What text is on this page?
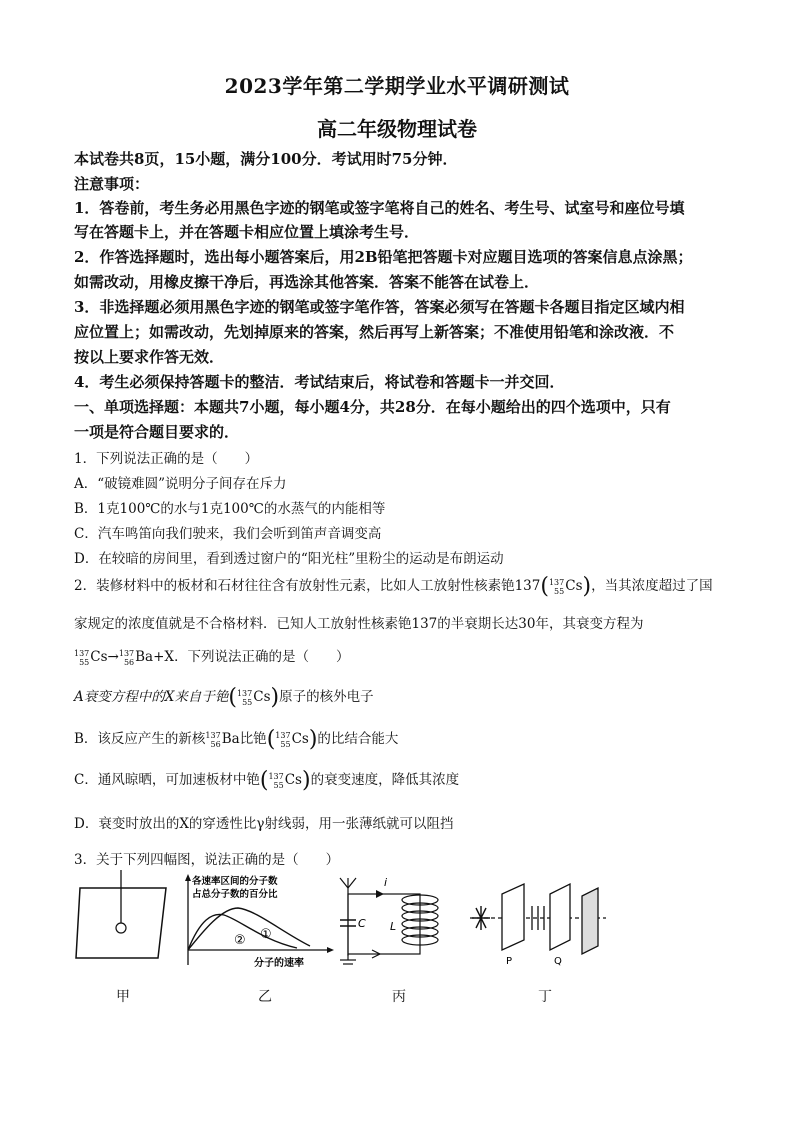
2023学年第二学期学业水平调研测试
高二年级物理试卷
本试卷共8页，15小题，满分100分．考试用时75分钟．
注意事项：
1．答卷前，考生务必用黑色字迹的钢笔或签字笔将自己的姓名、考生号、试室号和座位号填
写在答题卡上，并在答题卡相应位置上填涂考生号．
2．作答选择题时，选出每小题答案后，用2B铅笔把答题卡对应题目选项的答案信息点涂黑；
如需改动，用橡皮擦干净后，再选涂其他答案．答案不能答在试卷上．
3．非选择题必须用黑色字迹的钢笔或签字笔作答，答案必须写在答题卡各题目指定区域内相
应位置上；如需改动，先划掉原来的答案，然后再写上新答案；不准使用铅笔和涂改液．不
按以上要求作答无效．
4．考生必须保持答题卡的整洁．考试结束后，将试卷和答题卡一并交回．
一、单项选择题：本题共7小题，每小题4分，共28分．在每小题给出的四个选项中，只有
一项是符合题目要求的．
1．下列说法正确的是（　　）
A．“破镜难圆”说明分子间存在斥力
B．1克100℃的水与1克100℃的水蒸气的内能相等
C．汽车鸣笛向我们驶来，我们会听到笛声音调变高
D．在较暗的房间里，看到透过窗户的“阳光柱”里粉尘的运动是布朗运动
2．装修材料中的板材和石材往往含有放射性元素，比如人工放射性核素铯137(137
55Cs)，当其浓度超过了国
家规定的浓度值就是不合格材料．已知人工放射性核素铯137的半衰期长达30年，其衰变方程为
137
55Cs→137
56Ba+X．下列说法正确的是（　　）
A衰变方程中的X来自于铯(137
55Cs)原子的核外电子
B．该反应产生的新核137
56Ba比铯(137
55Cs)的比结合能大
C．通风晾晒，可加速板材中铯(137
55Cs)的衰变速度，降低其浓度
D．衰变时放出的X的穿透性比γ射线弱，用一张薄纸就可以阻挡
3．关于下列四幅图，说法正确的是（　　）
各速率区间的分子数
占总分子数的百分比
①
②
分子的速率
i
C L
P	Q
甲	乙	丙	丁
